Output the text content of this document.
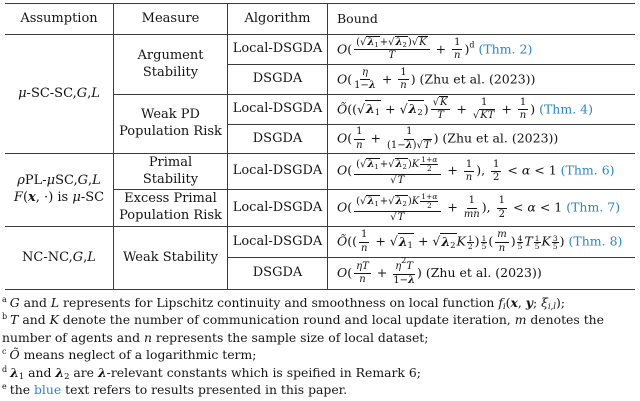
Assumption	Measure	Algorithm Bound
μ-SC-SC,G,L
ρPL-μSC,G,L
F(x, ·) is μ-SC
NC-NC,G,L
Argument
Stability
Weak PD
Population Risk
Primal
Stability
Excess Primal
Population Risk
Weak Stability
Local-DSGDA
DSGDA
Local-DSGDA
DSGDA
Local-DSGDA
Local-DSGDA
Local-DSGDA
DSGDA
$O( \frac{(√\lambda_1+√\lambda_2)√K}{T} + \frac{1}{n} )^d$ (Thm. 2)
$O( \frac{\eta}{1-\lambda} + \frac{1}{n}$ ) (Zhu et al. (2023))
$Õ((√\lambda_1 + √\lambda_2) \frac{√K}{T} + \frac{1}{√KT} + \frac{1}{n}$ ) (Thm. 4)
$O( \frac{1}{n} + \frac{1}{(1-\lambda)√T}$ ) (Zhu et al. (2023))
$O( \frac{(√\lambda_1+√\lambda_2)K \frac{1+\alpha}{2}}{√T} + \frac{1}{n}$ ), $\frac{1}{2} < \alpha < 1$ (Thm. 6)
$O( \frac{(√\lambda_1+√\lambda_2)K \frac{1+\alpha}{2}}{√T} + \frac{1}{mn}$ ), $\frac{1}{2} < \alpha < 1$ (Thm. 7)
Õ(( $\frac{1}{n} + √\lambda_1 + √\lambda_2K \frac{1}{2}$ ) $\frac{1}{5}$ ( $\frac{m}{n}$ ) $\frac{4}{5}$ T $\frac{1}{5}$ K $\frac{3}{5}$ ) (Thm. 8)
$O( \frac{\eta T}{n} + \frac{\eta^2T}{1-\lambda}$ ) (Zhu et al. (2023))
$^a$ G and L represents for Lipschitz continuity and smoothness on local function $f_i(x$, y; $\xi_{i,l}$);
$^b$ T and K denote the number of communication round and local update iteration, m denotes the number of agents and n represents the sample size of local dataset;
$^c$ Õ means neglect of a logarithmic term;
$^d$ $\lambda_1$ and $\lambda_2$ are λ-relevant constants which is speified in Remark 6;
$^e$ the blue text refers to results presented in this paper.
